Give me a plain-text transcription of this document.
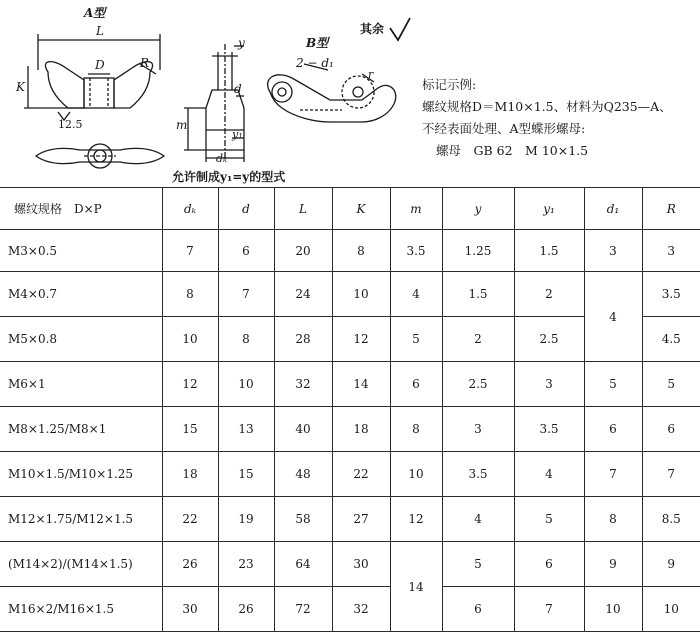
A型
L
K
D	R
12.5
y
d
m
y₁
dₖ
允许制成y₁=y的型式
B型
2 − d₁
r
其余
标记示例:
螺纹规格D＝M10×1.5、材料为Q235—A、
不经表面处理、A型蝶形螺母:
螺母　GB 62　M 10×1.5
螺纹规格　D×P	dₖ	d	L	K	m	y	y₁	d₁	R
M3×0.5	7	6	20	8	3.5	1.25	1.5	3	3
M4×0.7	8	7	24	10	4	1.5	2	4	3.5
M5×0.8	10	8	28	12	5	2	2.5		4.5
M6×1	12	10	32	14	6	2.5	3	5	5
M8×1.25/M8×1	15	13	40	18	8	3	3.5	6	6
M10×1.5/M10×1.25	18	15	48	22	10	3.5	4	7	7
M12×1.75/M12×1.5	22	19	58	27	12	4	5	8	8.5
(M14×2)/(M14×1.5)	26	23	64	30	14	5	6	9	9
M16×2/M16×1.5	30	26	72	32		6	7	10	10
